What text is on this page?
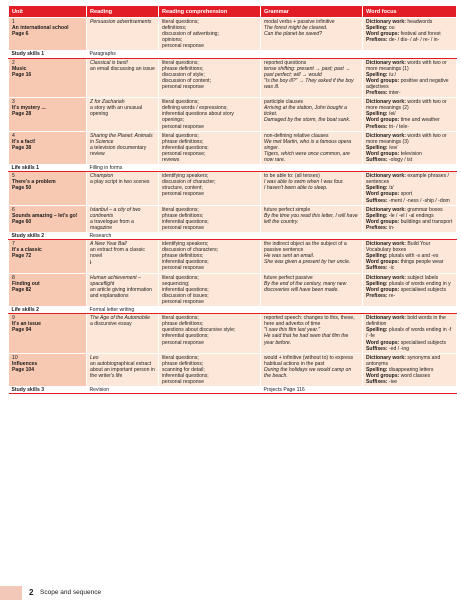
Unit	Reading	Reading comprehension	Grammar	Word focus

1
An international school
Page 6	Persuasion advertisements	literal questions;
definitions;
discussion of advertising;
opinions;
personal response	modal verbs + passive infinitive
The forest might be cleared.
Can the planet be saved?	Dictionary work: headwords
Spelling: ou
Word groups: festival and forest
Prefixes: de- / dis- / af- / re- / in-

Study skills 1	Paragraphs			

2
Music
Page 16	Classical is best!
an email discussing an issue	literal questions;
phrase definitions;
discussion of style;
discussion of content;
personal response	reported questions
tense shifting: present → past; past → past perfect; will → would
"Is the boy ill?" → They asked if the boy was ill.	Dictionary work: words with two or more meanings (1)
Spelling: /u:/
Word groups: positive and negative adjectives
Prefixes: inter-

3
It's mystery ...
Page 28	Z for Zachariah
a story with an unusual opening	literal questions;
defining words / expressions;
inferential questions about story openings;
personal response	participle clauses
Arriving at the station, John bought a ticket.
Damaged by the storm, the boat sank.	Dictionary work: words with two or more meanings (2)
Spelling: /ei/
Word groups: time and weather
Prefixes: tri- / tele-

4
It's a fact!
Page 38	Sharing the Planet: Animals in Science
a television documentary review	literal questions;
phrase definitions;
inferential questions;
personal response;
reviews	non-defining relative clauses
We met Martin, who is a famous opera singer.
Tigers, which were once common, are now rare.	Dictionary work: words with two or more meanings (3)
Spelling: /eə/
Word groups: television
Suffixes: -ology / ist

Life skills 1	Filling in forms			

5
There's a problem
Page 50	Champion
a play script in two scenes	identifying speakers;
discussion of character;
structure, content;
personal response	to be able to: (all tenses)
I was able to swim when I was four.
I haven't been able to sleep.	Dictionary work: example phrases / sentences
Spelling: /ɪ/
Word groups: sport
Suffixes: -ment / -ness / -ship / -dom

6
Sounds amazing – let's go!
Page 60	Istanbul – a city of two continents
a travelogue from a magazine	literal questions;
phrase definitions;
inferential questions;
personal response	future perfect simple
By the time you read this letter, I will have left the country.	Dictionary work: grammar boxes
Spelling: -le / -el / -al endings
Word groups: buildings and transport
Prefixes: in-

Study skills 2	Research			

7
It's a classic
Page 72	A New Year Ball
an extract from a classic novel
ɟ	identifying speakers;
discussion of characters;
phrase definitions;
inferential questions;
personal response	the indirect object as the subject of a passive sentence
He was sent an email.
She was given a present by her uncle.	Dictionary work: Build Your Vocabulary boxes
Spelling: plurals with -s and -es
Word groups: things people wear
Suffixes: -ic

8
Finding out
Page 82	Human achievement – spaceflight
an article giving information and explanations	literal questions;
sequencing;
inferential questions;
discussion of issues;
personal response	future perfect passive
By the end of the century, many new discoveries will have been made.	Dictionary work: subject labels
Spelling: plurals of words ending in y
Word groups: specialised subjects
Prefixes: re-

Life skills 2	Formal letter writing			

9
It's an issue
Page 94	The Age of the Automobile
a discursive essay	literal questions;
phrase definitions;
questions about discursive style;
inferential questions;
personal response	reported speech: changes to this, these, here and adverbs of time
"I saw this film last year."
He said that he had seen that film the year before.	Dictionary work: bold words in the definition
Spelling: plurals of words ending in -f / -fe
Word groups: specialised subjects
Suffixes: -ed / -ing

10
Influences
Page 104	Leo
an autobiographical extract about an important person in the writer's life	literal questions;
phrase definitions;
scanning for detail;
inferential questions;
personal response	would + infinitive (without to) to express habitual actions in the past
During the holidays we would camp on the beach.	Dictionary work: synonyms and antonyms
Spelling: disappearing letters
Word groups: word classes
Suffixes: -ive

Study skills 3	Revision		Projects Page 116	
2 Scope and sequence
